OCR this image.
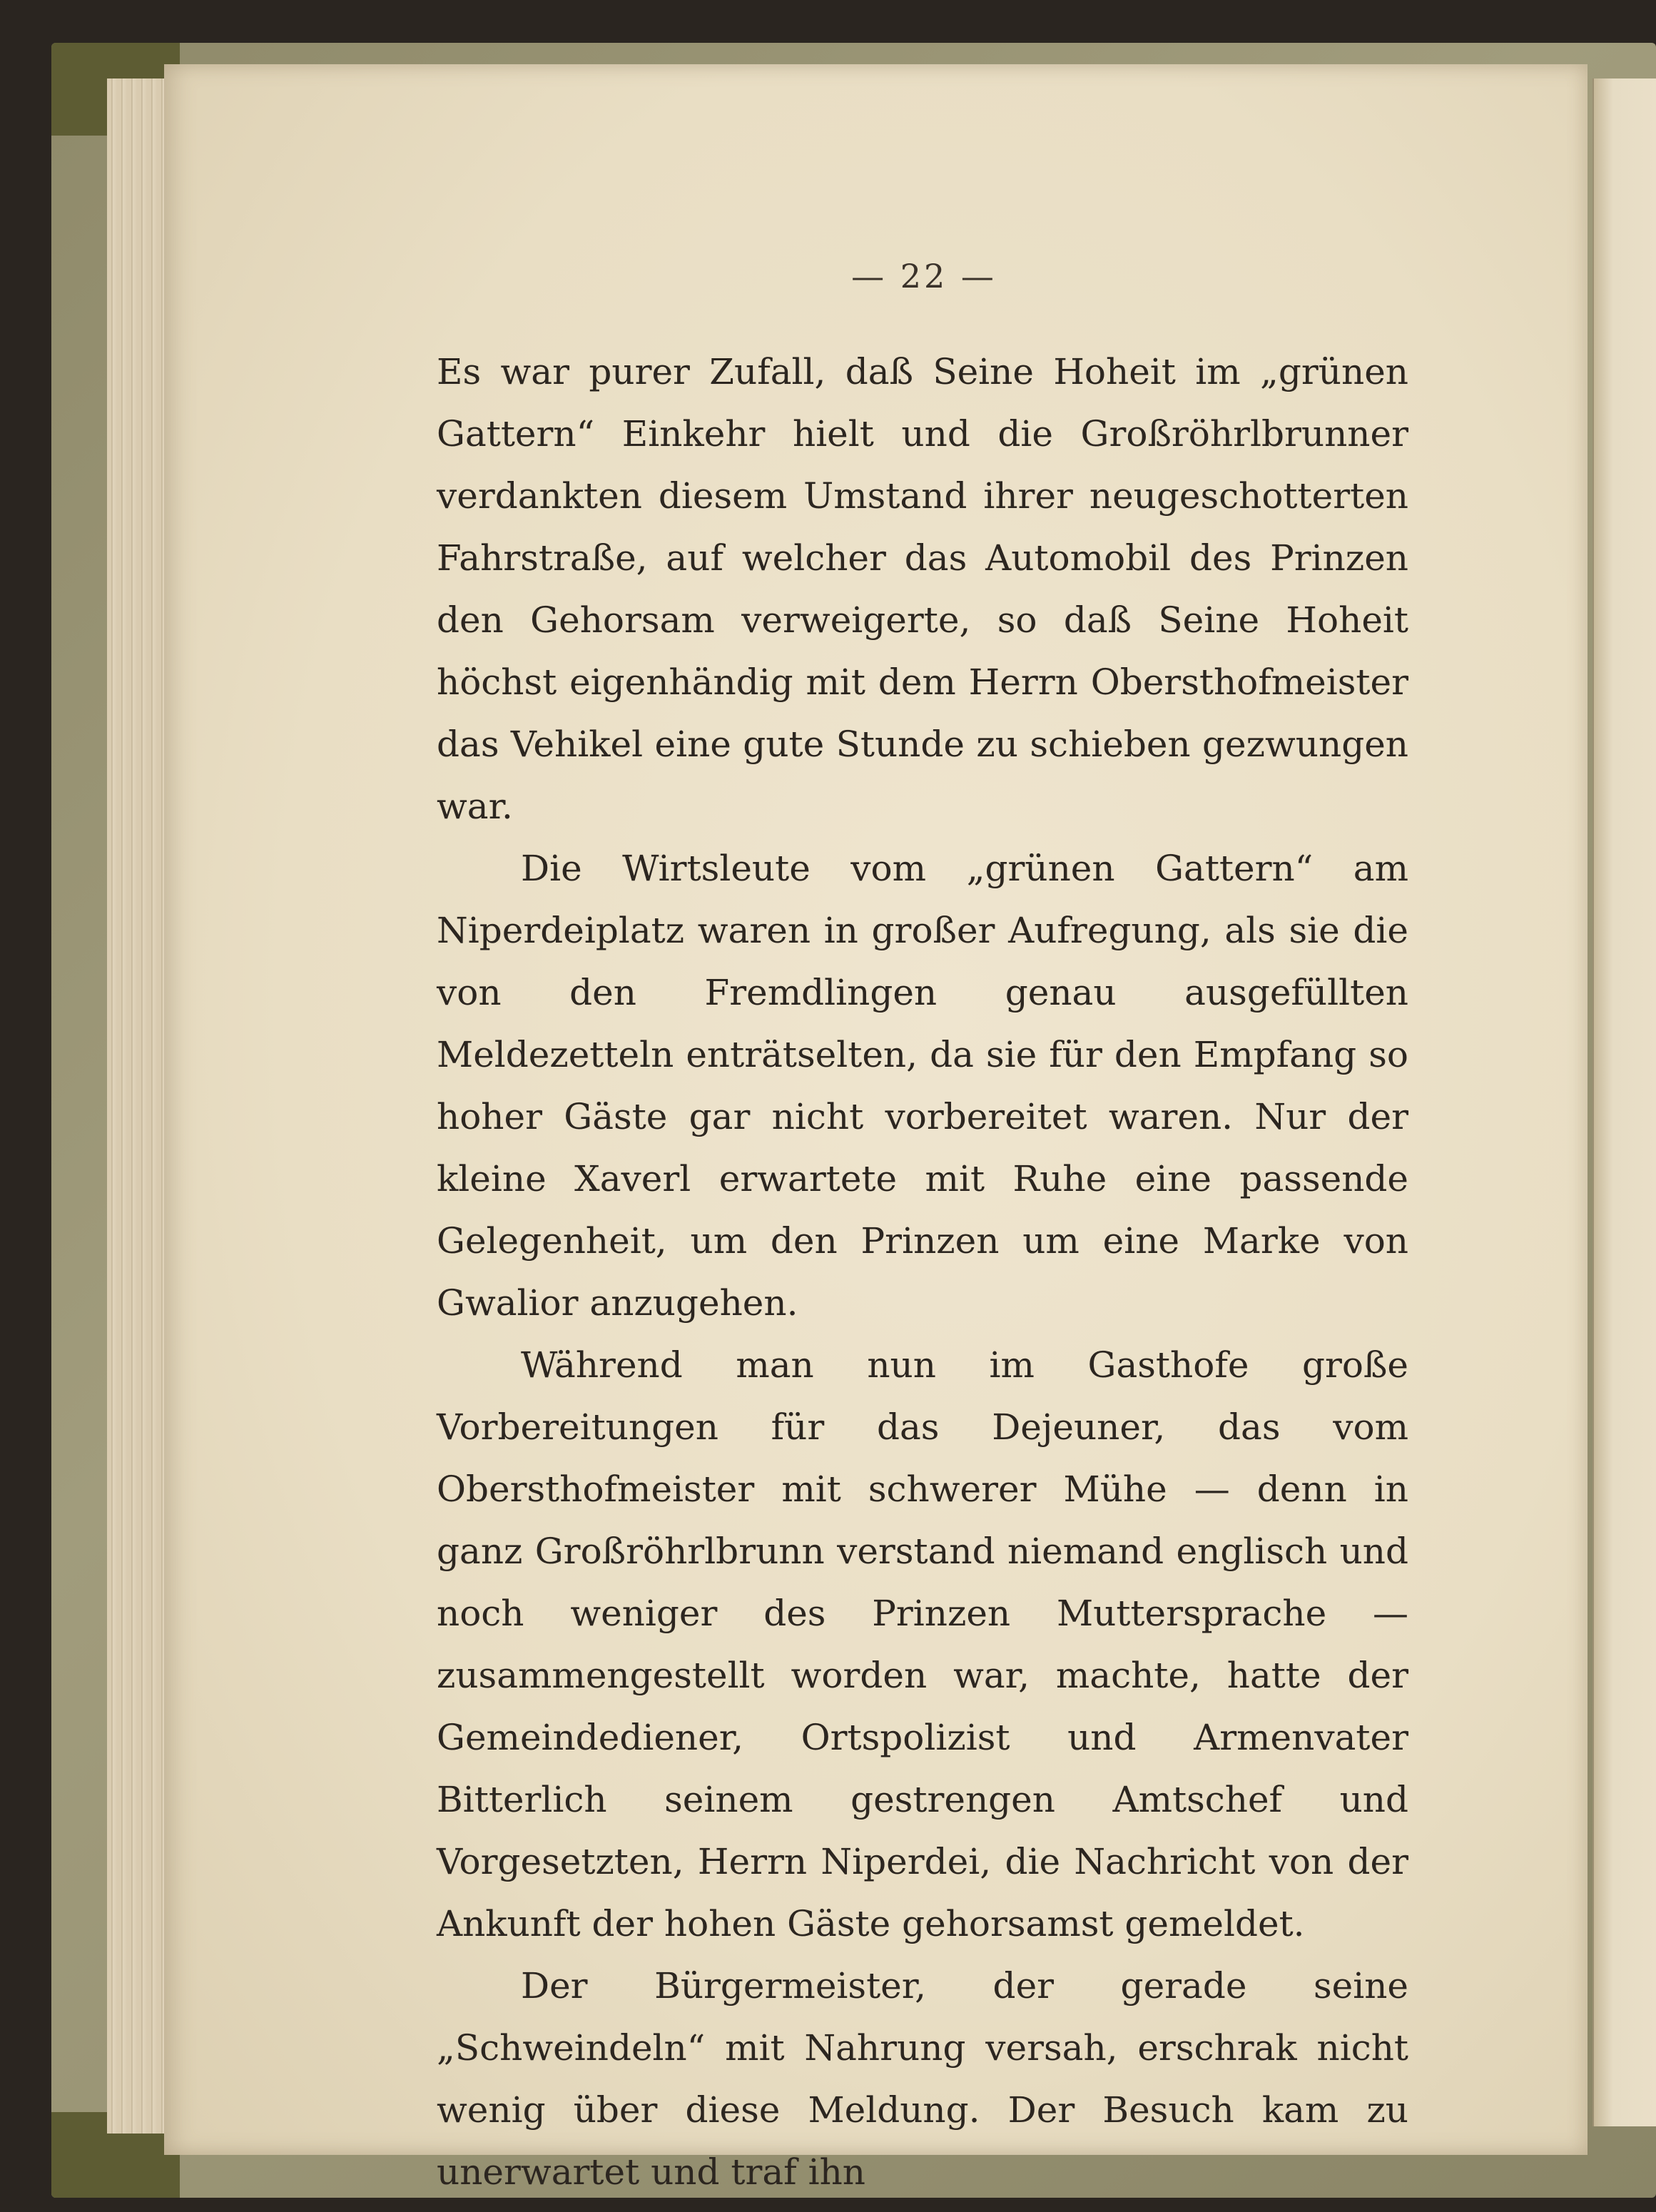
— 22 —

Es war purer Zufall, daß Seine Hoheit im „grünen Gattern“ Einkehr hielt und die Großröhrlbrunner verdankten diesem Umstand ihrer neugeschotterten Fahrstraße, auf welcher das Automobil des Prinzen den Gehorsam verweigerte, so daß Seine Hoheit höchst eigenhändig mit dem Herrn Obersthofmeister das Vehikel eine gute Stunde zu schieben gezwungen war.

Die Wirtsleute vom „grünen Gattern“ am Niperdeiplatz waren in großer Aufregung, als sie die von den Fremdlingen genau ausgefüllten Meldezetteln enträtselten, da sie für den Empfang so hoher Gäste gar nicht vorbereitet waren. Nur der kleine Xaverl erwartete mit Ruhe eine passende Gelegenheit, um den Prinzen um eine Marke von Gwalior anzugehen.

Während man nun im Gasthofe große Vorbereitungen für das Dejeuner, das vom Obersthofmeister mit schwerer Mühe — denn in ganz Großröhrlbrunn verstand niemand englisch und noch weniger des Prinzen Muttersprache — zusammengestellt worden war, machte, hatte der Gemeindediener, Ortspolizist und Armenvater Bitterlich seinem gestrengen Amtschef und Vorgesetzten, Herrn Niperdei, die Nachricht von der Ankunft der hohen Gäste gehorsamst gemeldet.

Der Bürgermeister, der gerade seine „Schweindeln“ mit Nahrung versah, erschrak nicht wenig über diese Meldung. Der Besuch kam zu unerwartet und traf ihn
